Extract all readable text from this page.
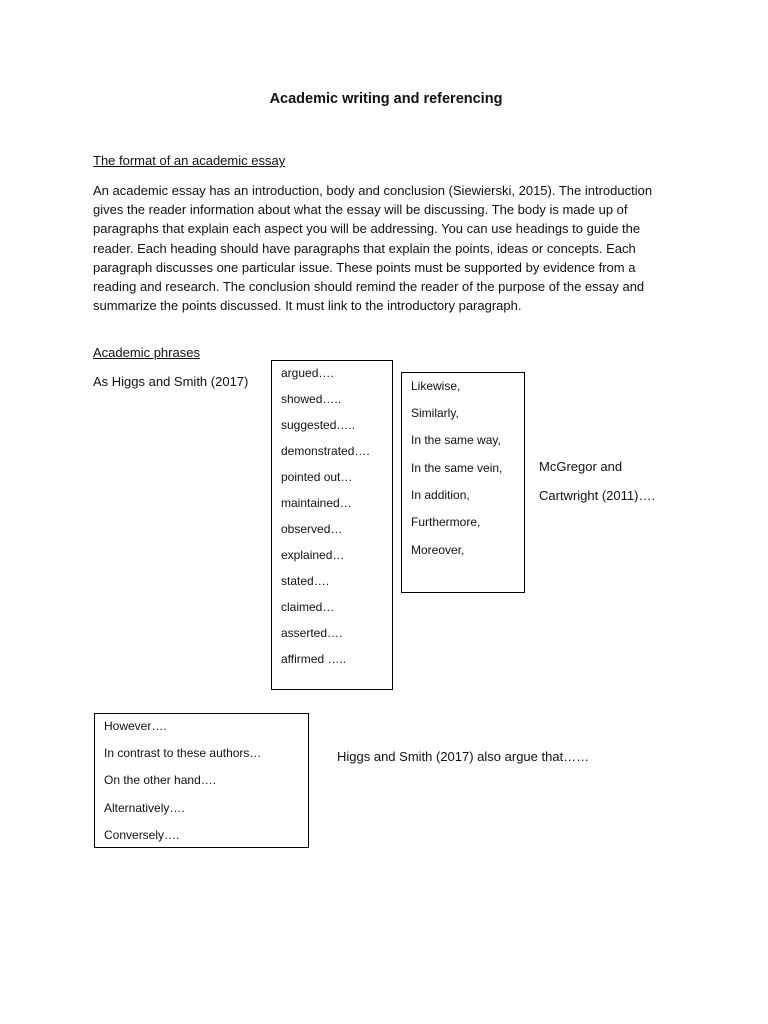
Academic writing and referencing
The format of an academic essay

An academic essay has an introduction, body and conclusion (Siewierski, 2015). The introduction gives the reader information about what the essay will be discussing. The body is made up of paragraphs that explain each aspect you will be addressing. You can use headings to guide the reader. Each heading should have paragraphs that explain the points, ideas or concepts. Each paragraph discusses one particular issue. These points must be supported by evidence from a reading and research. The conclusion should remind the reader of the purpose of the essay and summarize the points discussed. It must link to the introductory paragraph.

Academic phrases
As Higgs and Smith (2017)
argued….
showed…..
suggested…..
demonstrated….
pointed out…
maintained…
observed…
explained…
stated….
claimed…
asserted….
affirmed …..
Likewise,
Similarly,
In the same way,
In the same vein,
In addition,
Furthermore,
Moreover,
McGregor and
Cartwright (2011)….
However….
In contrast to these authors…
On the other hand….
Alternatively….
Conversely….
Higgs and Smith (2017) also argue that……
